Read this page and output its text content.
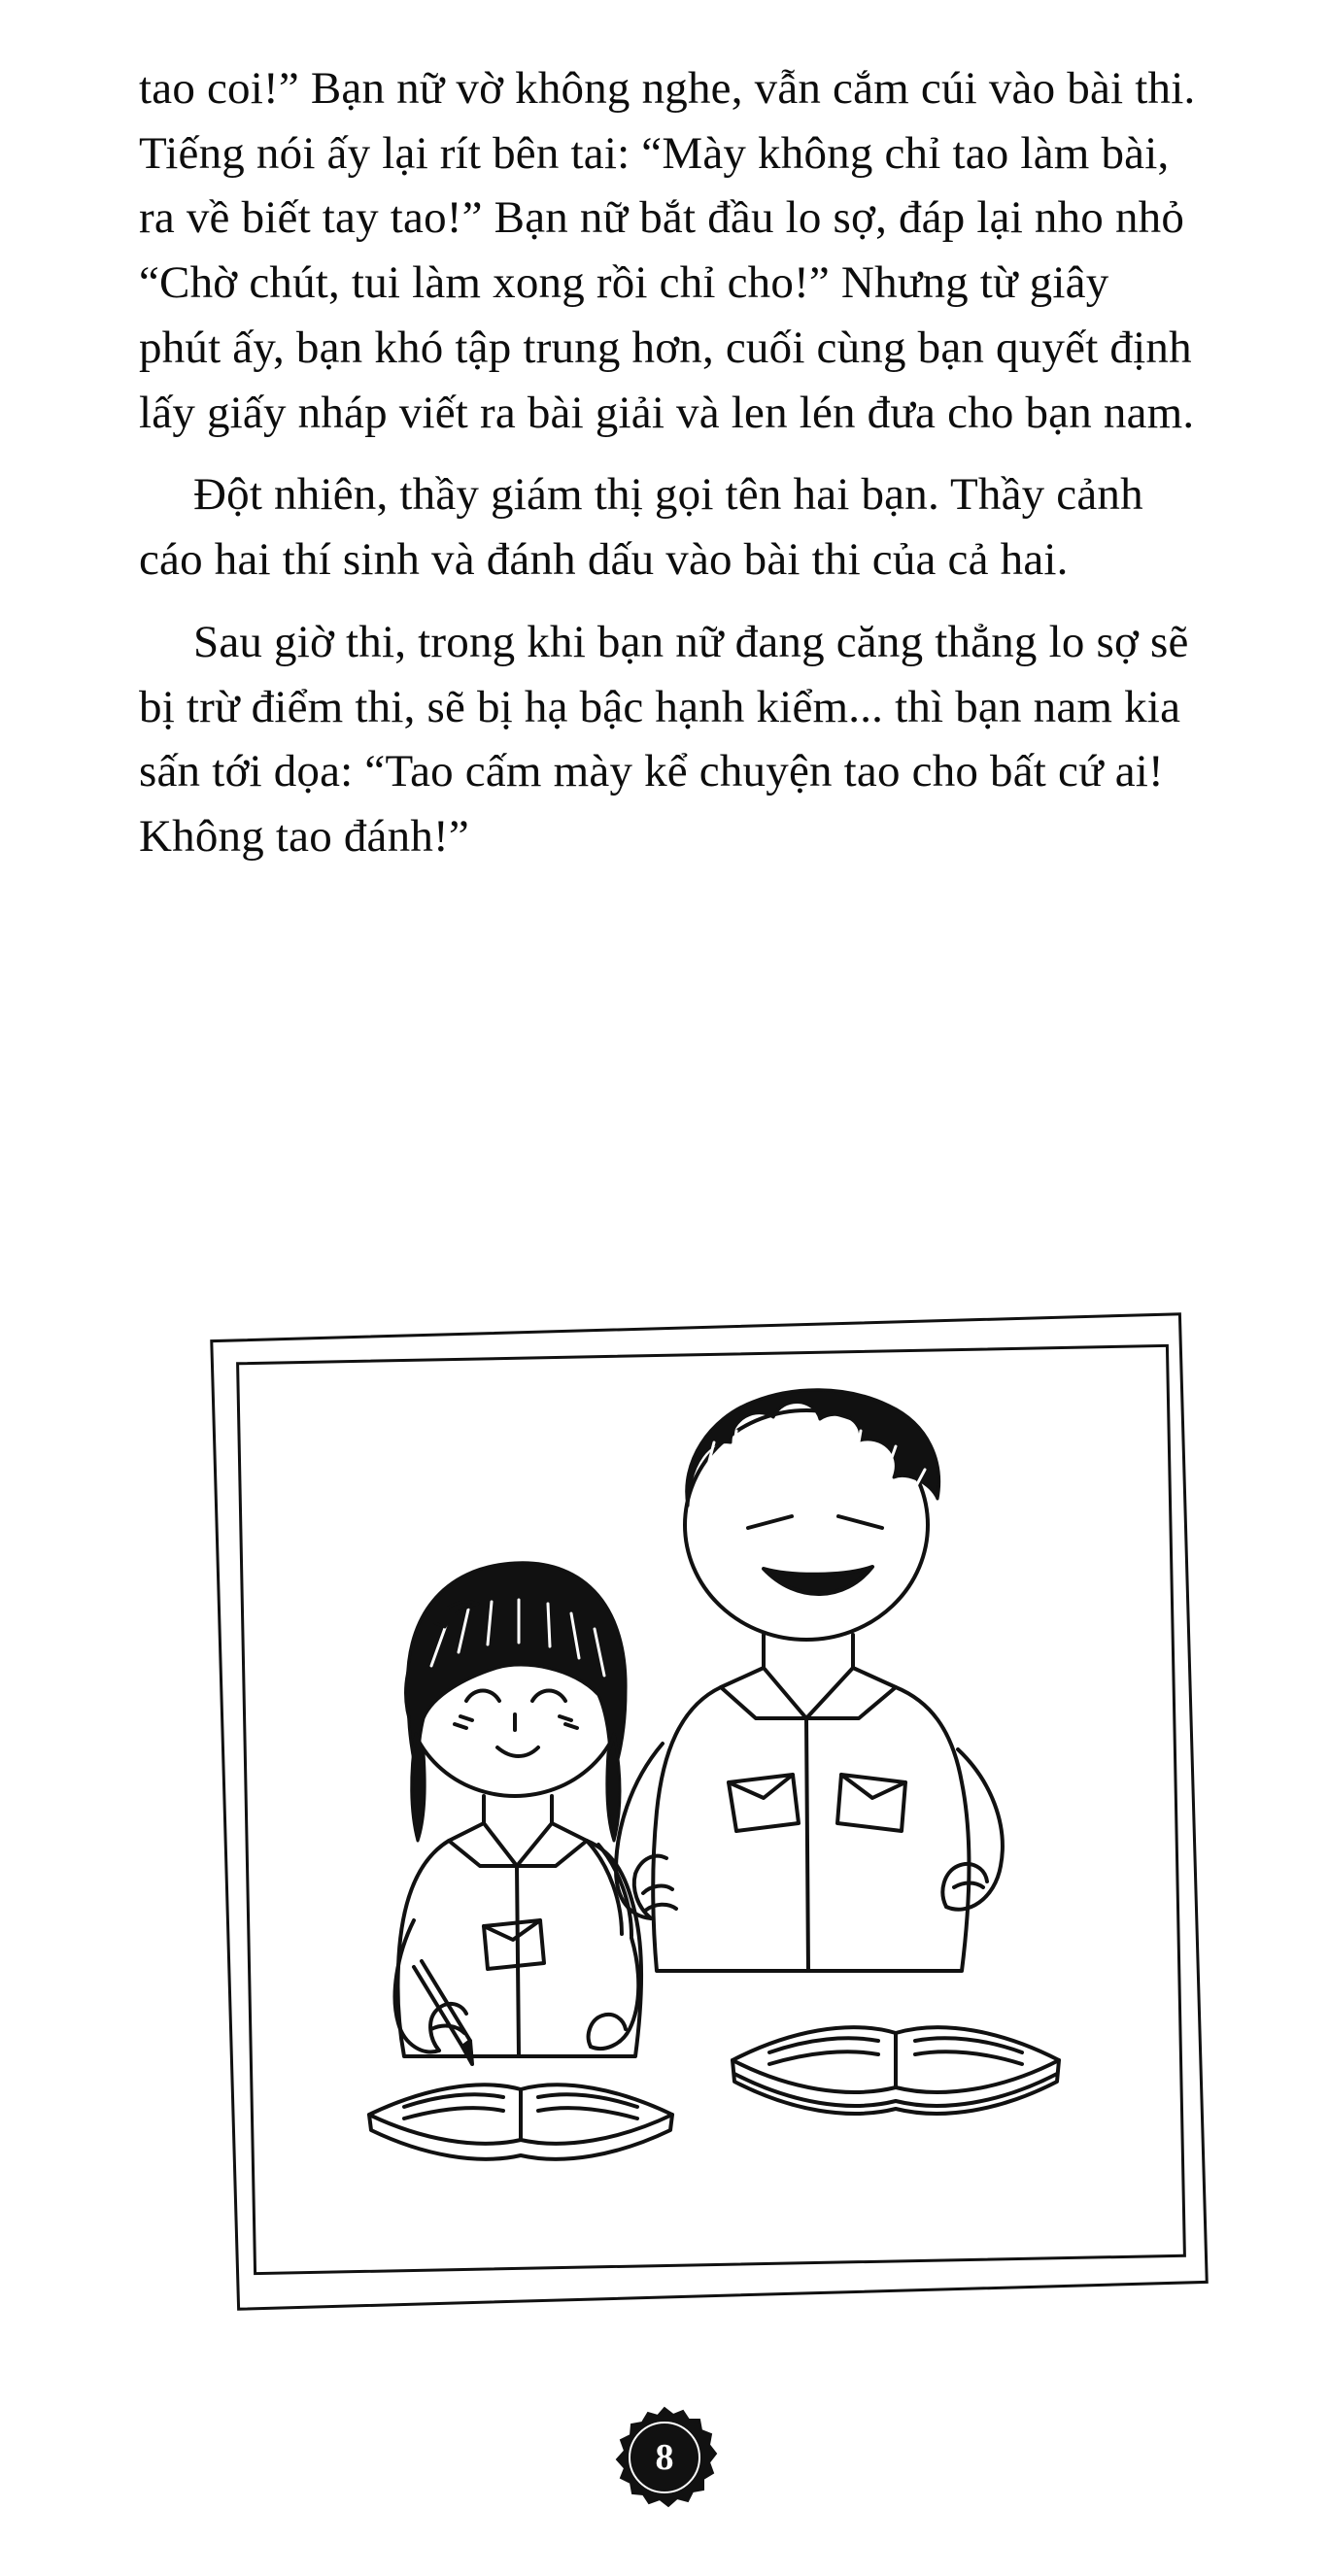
tao coi!” Bạn nữ vờ không nghe, vẫn cắm cúi vào bài thi. Tiếng nói ấy lại rít bên tai: “Mày không chỉ tao làm bài, ra về biết tay tao!” Bạn nữ bắt đầu lo sợ, đáp lại nho nhỏ “Chờ chút, tui làm xong rồi chỉ cho!” Nhưng từ giây phút ấy, bạn khó tập trung hơn, cuối cùng bạn quyết định lấy giấy nháp viết ra bài giải và len lén đưa cho bạn nam.

Đột nhiên, thầy giám thị gọi tên hai bạn. Thầy cảnh cáo hai thí sinh và đánh dấu vào bài thi của cả hai.

Sau giờ thi, trong khi bạn nữ đang căng thẳng lo sợ sẽ bị trừ điểm thi, sẽ bị hạ bậc hạnh kiểm... thì bạn nam kia sấn tới dọa: “Tao cấm mày kể chuyện tao cho bất cứ ai! Không tao đánh!”

8
